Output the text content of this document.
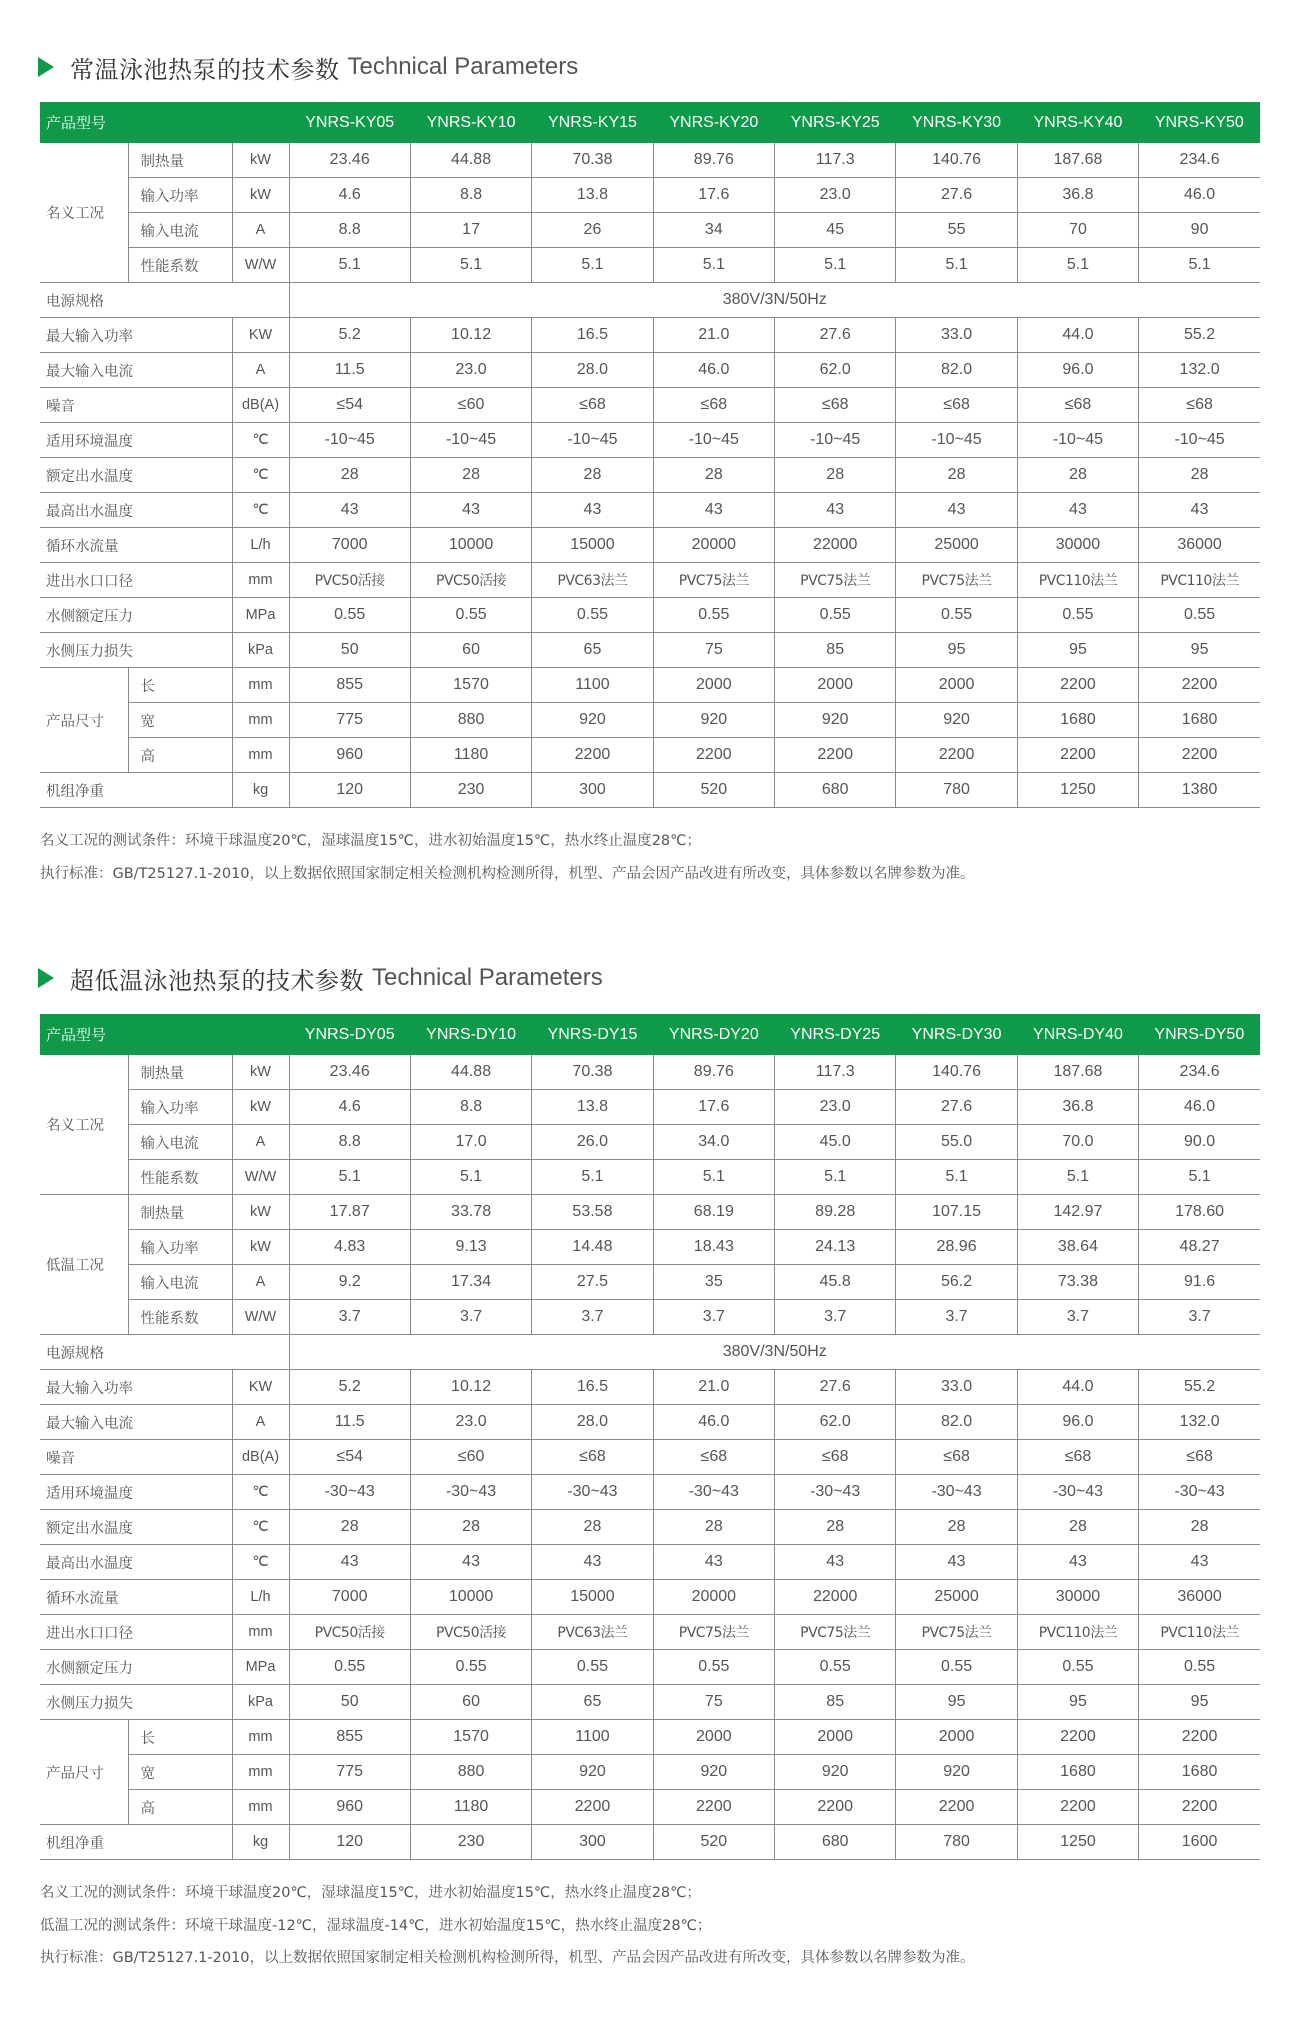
常温泳池热泵的技术参数 Technical Parameters
产品型号			YNRS-KY05	YNRS-KY10	YNRS-KY15	YNRS-KY20	YNRS-KY25	YNRS-KY30	YNRS-KY40	YNRS-KY50
名义工况	制热量	kW	23.46	44.88	70.38	89.76	117.3	140.76	187.68	234.6
	输入功率	kW	4.6	8.8	13.8	17.6	23.0	27.6	36.8	46.0
	输入电流	A	8.8	17	26	34	45	55	70	90
	性能系数	W/W	5.1	5.1	5.1	5.1	5.1	5.1	5.1	5.1
电源规格			380V/3N/50Hz							
最大输入功率		KW	5.2	10.12	16.5	21.0	27.6	33.0	44.0	55.2
最大输入电流		A	11.5	23.0	28.0	46.0	62.0	82.0	96.0	132.0
噪音		dB(A)	≤54	≤60	≤68	≤68	≤68	≤68	≤68	≤68
适用环境温度		℃	-10~45	-10~45	-10~45	-10~45	-10~45	-10~45	-10~45	-10~45
额定出水温度		℃	28	28	28	28	28	28	28	28
最高出水温度		℃	43	43	43	43	43	43	43	43
循环水流量		L/h	7000	10000	15000	20000	22000	25000	30000	36000
进出水口口径		mm	PVC50活接	PVC50活接	PVC63法兰	PVC75法兰	PVC75法兰	PVC75法兰	PVC110法兰	PVC110法兰
水侧额定压力		MPa	0.55	0.55	0.55	0.55	0.55	0.55	0.55	0.55
水侧压力损失		kPa	50	60	65	75	85	95	95	95
产品尺寸	长	mm	855	1570	1100	2000	2000	2000	2200	2200
	宽	mm	775	880	920	920	920	920	1680	1680
	高	mm	960	1180	2200	2200	2200	2200	2200	2200
机组净重		kg	120	230	300	520	680	780	1250	1380
名义工况的测试条件：环境干球温度20℃，湿球温度15℃，进水初始温度15℃，热水终止温度28℃；
执行标准：GB/T25127.1-2010，以上数据依照国家制定相关检测机构检测所得，机型、产品会因产品改进有所改变，具体参数以名牌参数为准。
超低温泳池热泵的技术参数 Technical Parameters
产品型号			YNRS-DY05	YNRS-DY10	YNRS-DY15	YNRS-DY20	YNRS-DY25	YNRS-DY30	YNRS-DY40	YNRS-DY50
名义工况	制热量	kW	23.46	44.88	70.38	89.76	117.3	140.76	187.68	234.6
	输入功率	kW	4.6	8.8	13.8	17.6	23.0	27.6	36.8	46.0
	输入电流	A	8.8	17.0	26.0	34.0	45.0	55.0	70.0	90.0
	性能系数	W/W	5.1	5.1	5.1	5.1	5.1	5.1	5.1	5.1
低温工况	制热量	kW	17.87	33.78	53.58	68.19	89.28	107.15	142.97	178.60
	输入功率	kW	4.83	9.13	14.48	18.43	24.13	28.96	38.64	48.27
	输入电流	A	9.2	17.34	27.5	35	45.8	56.2	73.38	91.6
	性能系数	W/W	3.7	3.7	3.7	3.7	3.7	3.7	3.7	3.7
电源规格			380V/3N/50Hz							
最大输入功率		KW	5.2	10.12	16.5	21.0	27.6	33.0	44.0	55.2
最大输入电流		A	11.5	23.0	28.0	46.0	62.0	82.0	96.0	132.0
噪音		dB(A)	≤54	≤60	≤68	≤68	≤68	≤68	≤68	≤68
适用环境温度		℃	-30~43	-30~43	-30~43	-30~43	-30~43	-30~43	-30~43	-30~43
额定出水温度		℃	28	28	28	28	28	28	28	28
最高出水温度		℃	43	43	43	43	43	43	43	43
循环水流量		L/h	7000	10000	15000	20000	22000	25000	30000	36000
进出水口口径		mm	PVC50活接	PVC50活接	PVC63法兰	PVC75法兰	PVC75法兰	PVC75法兰	PVC110法兰	PVC110法兰
水侧额定压力		MPa	0.55	0.55	0.55	0.55	0.55	0.55	0.55	0.55
水侧压力损失		kPa	50	60	65	75	85	95	95	95
产品尺寸	长	mm	855	1570	1100	2000	2000	2000	2200	2200
	宽	mm	775	880	920	920	920	920	1680	1680
	高	mm	960	1180	2200	2200	2200	2200	2200	2200
机组净重		kg	120	230	300	520	680	780	1250	1600
名义工况的测试条件：环境干球温度20℃，湿球温度15℃，进水初始温度15℃，热水终止温度28℃；
低温工况的测试条件：环境干球温度-12℃，湿球温度-14℃，进水初始温度15℃，热水终止温度28℃；
执行标准：GB/T25127.1-2010，以上数据依照国家制定相关检测机构检测所得，机型、产品会因产品改进有所改变，具体参数以名牌参数为准。
